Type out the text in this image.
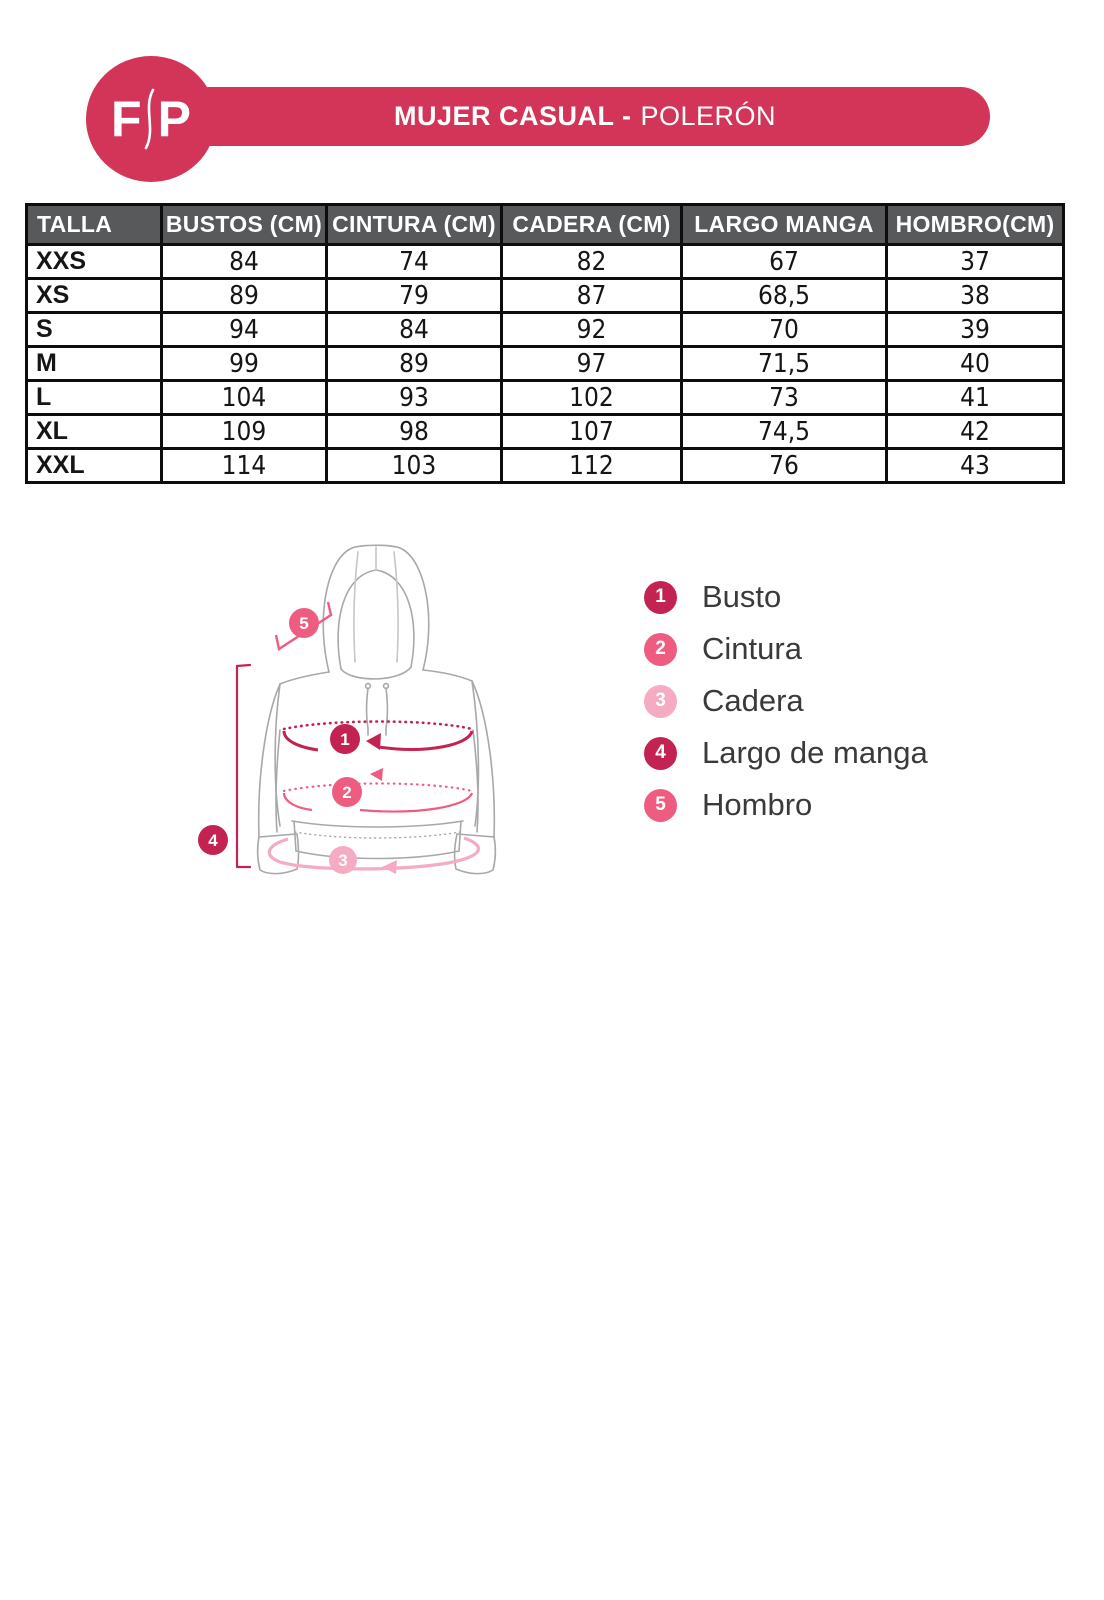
MUJER CASUAL - POLERÓN
F P
TALLA	BUSTOS (CM)	CINTURA (CM)	CADERA (CM)	LARGO MANGA	HOMBRO(CM)
XXS	84	74	82	67	37
XS	89	79	87	68,5	38
S	94	84	92	70	39
M	99	89	97	71,5	40
L	104	93	102	73	41
XL	109	98	107	74,5	42
XXL	114	103	112	76	43
1
2
3
4
5
1	Busto
2	Cintura
3	Cadera
4	Largo de manga
5	Hombro
